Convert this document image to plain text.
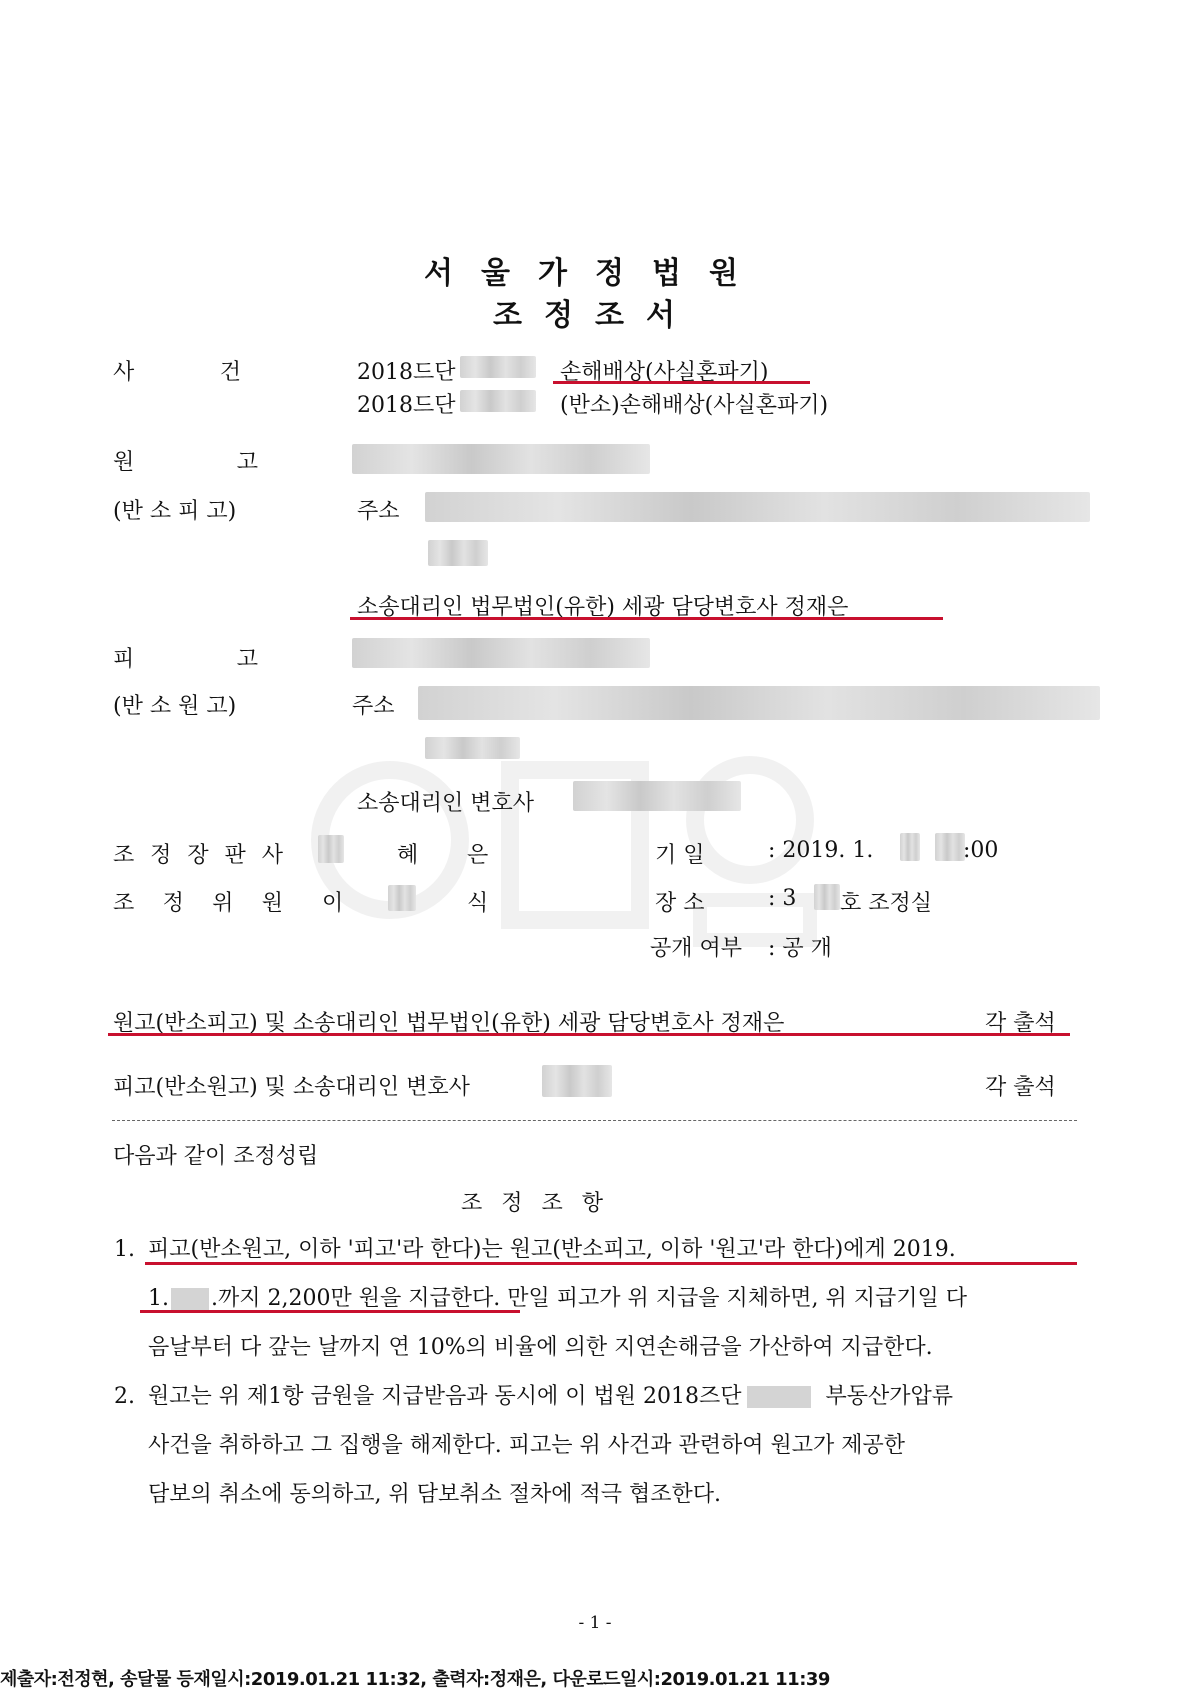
서울가정법원
조정조서
사	건	2018드단	손해배상(사실혼파기)
2018드단	(반소)손해배상(사실혼파기)
원	고
(반 소 피 고)	주소
소송대리인 법무법인(유한) 세광 담당변호사 정재은
피	고
(반 소 원 고)	주소
소송대리인 변호사
조 정 장 판 사	혜 은
조 정 위 원 이	식
기 일	: 2019. 1.	:00
장 소	: 3 호 조정실
공개 여부 : 공 개
원고(반소피고) 및 소송대리인 법무법인(유한) 세광 담당변호사 정재은	각 출석
피고(반소원고) 및 소송대리인 변호사	각 출석
다음과 같이 조정성립
조 정 조 항
1. 피고(반소원고, 이하 '피고'라 한다)는 원고(반소피고, 이하 '원고'라 한다)에게 2019.
1. .까지 2,200만 원을 지급한다. 만일 피고가 위 지급을 지체하면, 위 지급기일 다
음날부터 다 갚는 날까지 연 10%의 비율에 의한 지연손해금을 가산하여 지급한다.
2. 원고는 위 제1항 금원을 지급받음과 동시에 이 법원 2018즈단	부동산가압류
사건을 취하하고 그 집행을 해제한다. 피고는 위 사건과 관련하여 원고가 제공한
담보의 취소에 동의하고, 위 담보취소 절차에 적극 협조한다.
- 1 -
제출자:전정현, 송달물 등재일시:2019.01.21 11:32, 출력자:정재은, 다운로드일시:2019.01.21 11:39
